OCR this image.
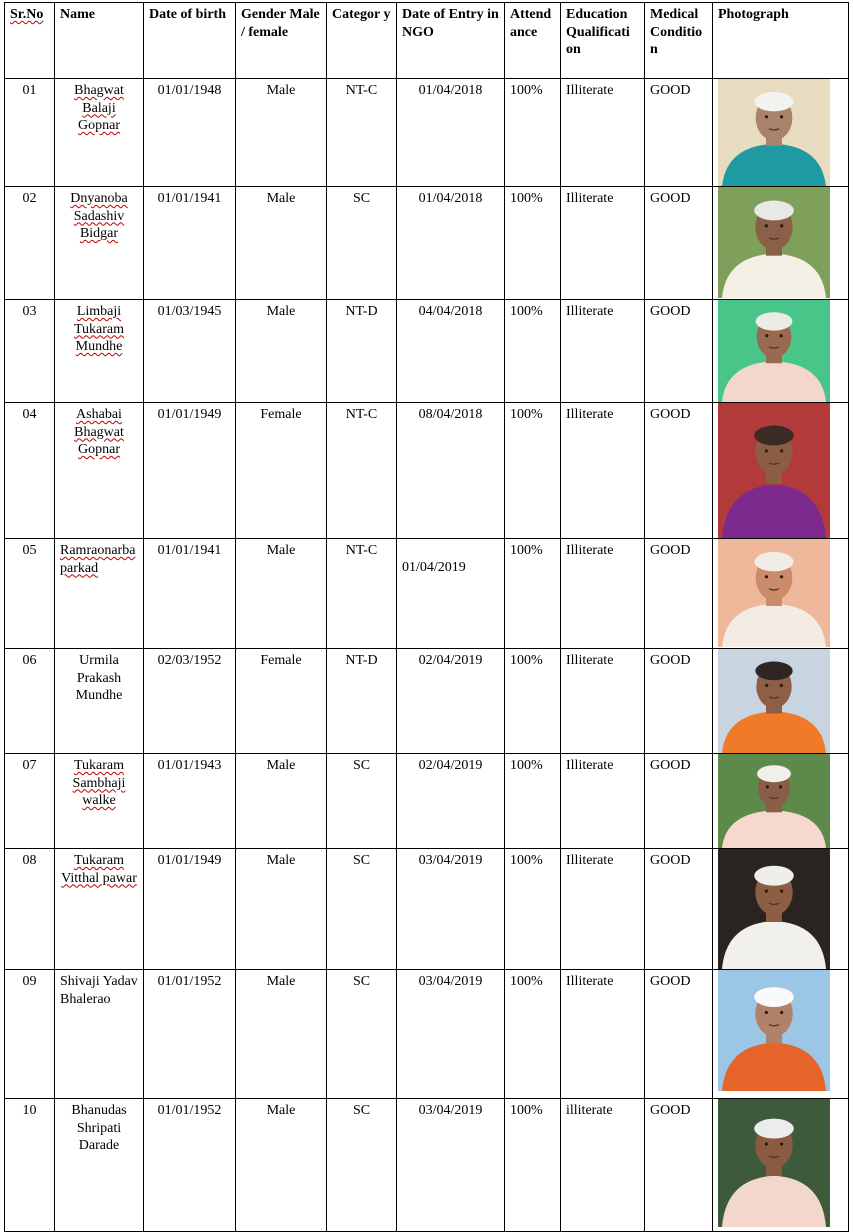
Sr.No	Name	Date of birth	Gender Male / female	Categor y	Date of Entry in NGO	Attend ance	Education Qualificati on	Medical Conditio n	Photograph
01	Bhagwat Balaji Gopnar	01/01/1948	Male	NT-C	01/04/2018	100%	Illiterate	GOOD	

02	Dnyanoba Sadashiv Bidgar	01/01/1941	Male	SC	01/04/2018	100%	Illiterate	GOOD	

03	Limbaji Tukaram Mundhe	01/03/1945	Male	NT-D	04/04/2018	100%	Illiterate	GOOD	

04	Ashabai Bhagwat Gopnar	01/01/1949	Female	NT-C	08/04/2018	100%	Illiterate	GOOD	

05	Ramraonarbaparkad	01/01/1941	Male	NT-C	01/04/2019	100%	Illiterate	GOOD	

06	Urmila Prakash Mundhe	02/03/1952	Female	NT-D	02/04/2019	100%	Illiterate	GOOD	

07	Tukaram Sambhaji walke	01/01/1943	Male	SC	02/04/2019	100%	Illiterate	GOOD	

08	Tukaram Vitthal pawar	01/01/1949	Male	SC	03/04/2019	100%	Illiterate	GOOD	

09	Shivaji Yadav Bhalerao	01/01/1952	Male	SC	03/04/2019	100%	Illiterate	GOOD	

10	Bhanudas Shripati Darade	01/01/1952	Male	SC	03/04/2019	100%	illiterate	GOOD	
